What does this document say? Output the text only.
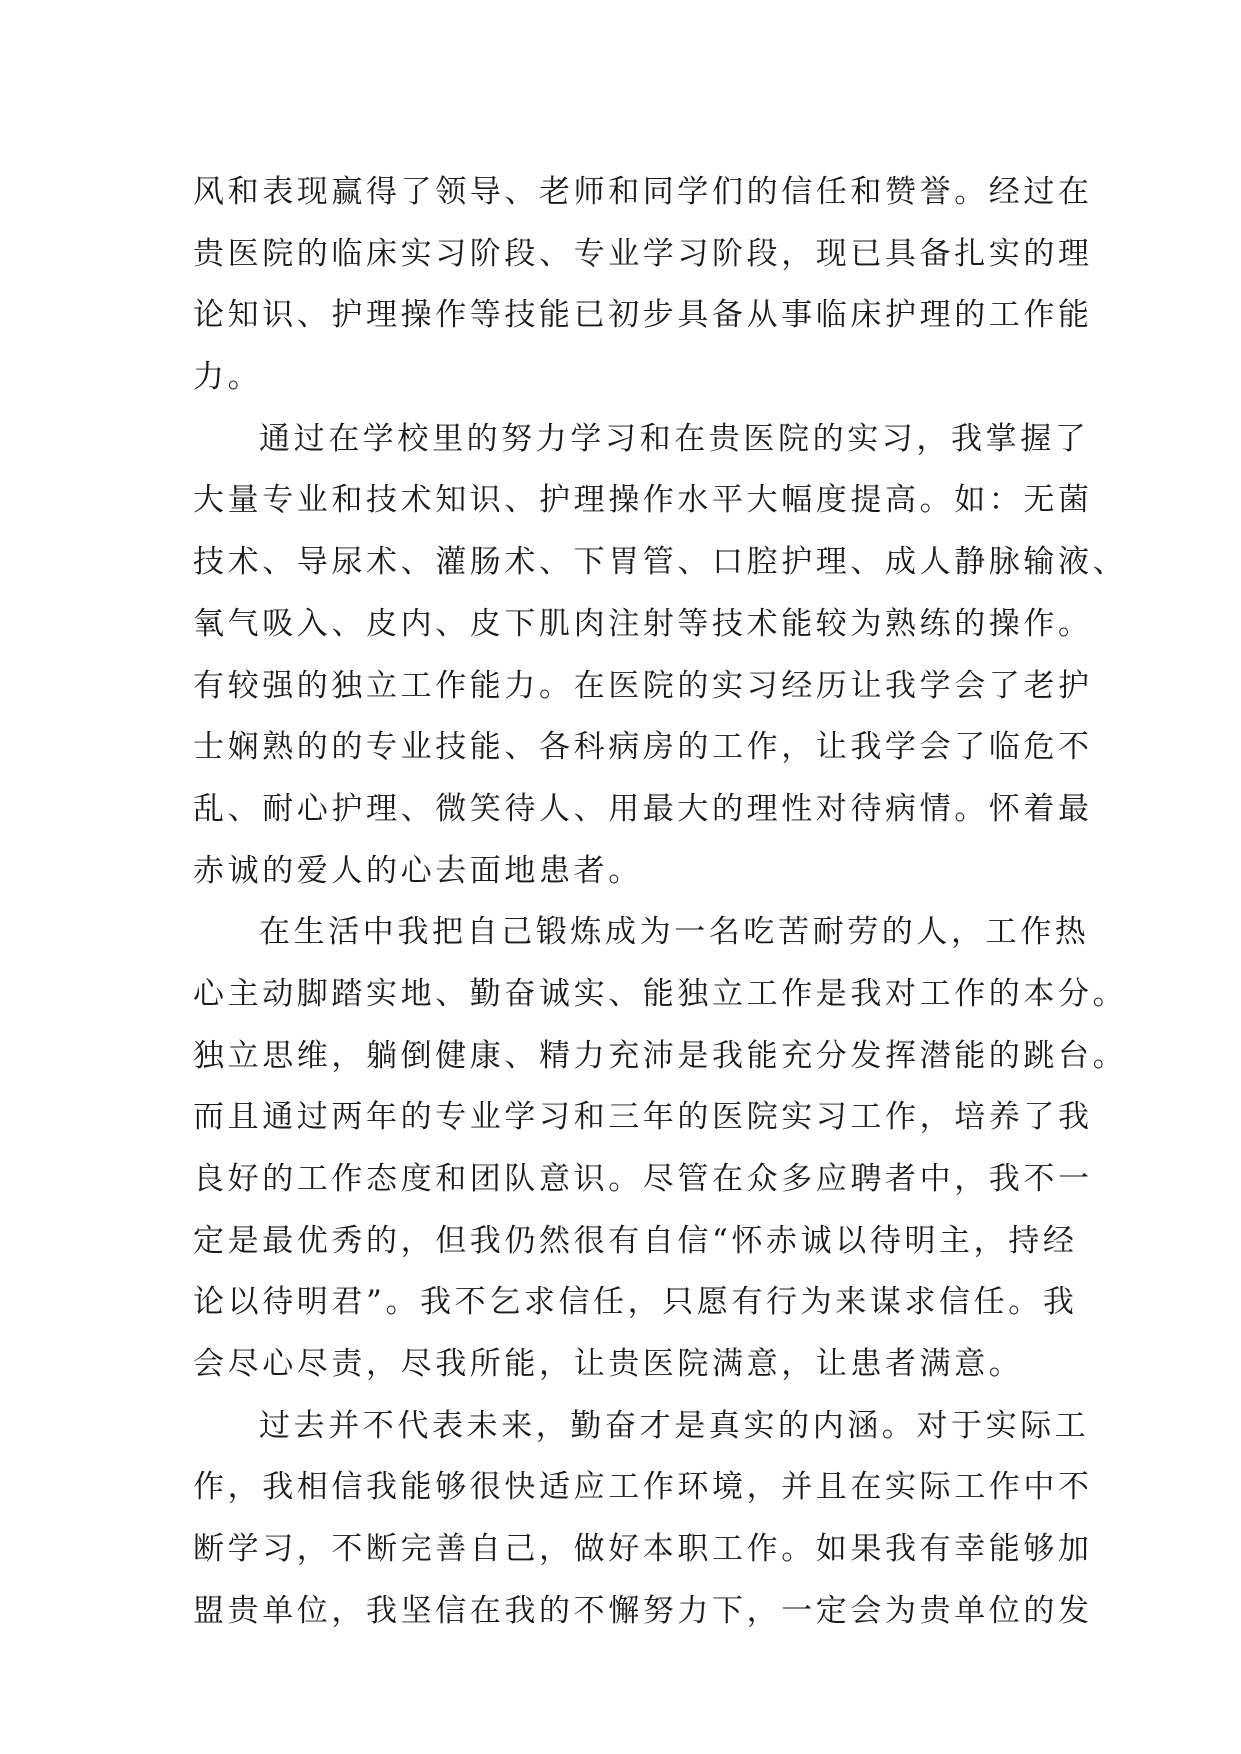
风和表现赢得了领导、老师和同学们的信任和赞誉。经过在
贵医院的临床实习阶段、专业学习阶段，现已具备扎实的理
论知识、护理操作等技能已初步具备从事临床护理的工作能
力。
通过在学校里的努力学习和在贵医院的实习，我掌握了
大量专业和技术知识、护理操作水平大幅度提高。如：无菌
技术、导尿术、灌肠术、下胃管、口腔护理、成人静脉输液、
氧气吸入、皮内、皮下肌肉注射等技术能较为熟练的操作。
有较强的独立工作能力。在医院的实习经历让我学会了老护
士娴熟的的专业技能、各科病房的工作，让我学会了临危不
乱、耐心护理、微笑待人、用最大的理性对待病情。怀着最
赤诚的爱人的心去面地患者。
在生活中我把自己锻炼成为一名吃苦耐劳的人，工作热
心主动脚踏实地、勤奋诚实、能独立工作是我对工作的本分。
独立思维，躺倒健康、精力充沛是我能充分发挥潜能的跳台。
而且通过两年的专业学习和三年的医院实习工作，培养了我
良好的工作态度和团队意识。尽管在众多应聘者中，我不一
定是最优秀的，但我仍然很有自信“怀赤诚以待明主，持经
论以待明君”。我不乞求信任，只愿有行为来谋求信任。我
会尽心尽责，尽我所能，让贵医院满意，让患者满意。
过去并不代表未来，勤奋才是真实的内涵。对于实际工
作，我相信我能够很快适应工作环境，并且在实际工作中不
断学习，不断完善自己，做好本职工作。如果我有幸能够加
盟贵单位，我坚信在我的不懈努力下，一定会为贵单位的发
